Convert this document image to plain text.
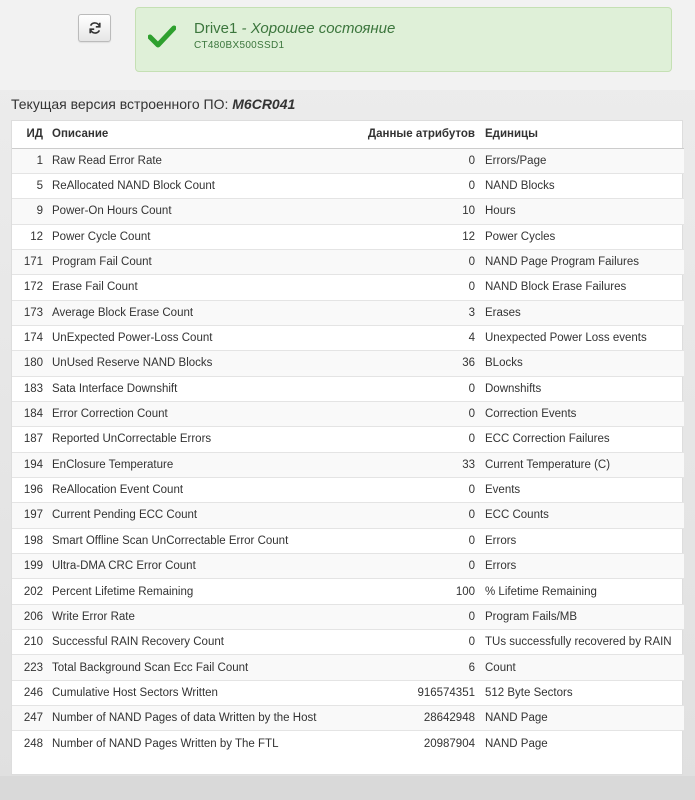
Drive1 - Хорошее состояние
CT480BX500SSD1
Текущая версия встроенного ПО: M6CR041
ИД	Описание	Данные атрибутов	Единицы
1	Raw Read Error Rate	0	Errors/Page
5	ReAllocated NAND Block Count	0	NAND Blocks
9	Power-On Hours Count	10	Hours
12	Power Cycle Count	12	Power Cycles
171	Program Fail Count	0	NAND Page Program Failures
172	Erase Fail Count	0	NAND Block Erase Failures
173	Average Block Erase Count	3	Erases
174	UnExpected Power-Loss Count	4	Unexpected Power Loss events
180	UnUsed Reserve NAND Blocks	36	BLocks
183	Sata Interface Downshift	0	Downshifts
184	Error Correction Count	0	Correction Events
187	Reported UnCorrectable Errors	0	ECC Correction Failures
194	EnClosure Temperature	33	Current Temperature (C)
196	ReAllocation Event Count	0	Events
197	Current Pending ECC Count	0	ECC Counts
198	Smart Offline Scan UnCorrectable Error Count	0	Errors
199	Ultra-DMA CRC Error Count	0	Errors
202	Percent Lifetime Remaining	100	% Lifetime Remaining
206	Write Error Rate	0	Program Fails/MB
210	Successful RAIN Recovery Count	0	TUs successfully recovered by RAIN
223	Total Background Scan Ecc Fail Count	6	Count
246	Cumulative Host Sectors Written	916574351	512 Byte Sectors
247	Number of NAND Pages of data Written by the Host	28642948	NAND Page
248	Number of NAND Pages Written by The FTL	20987904	NAND Page
